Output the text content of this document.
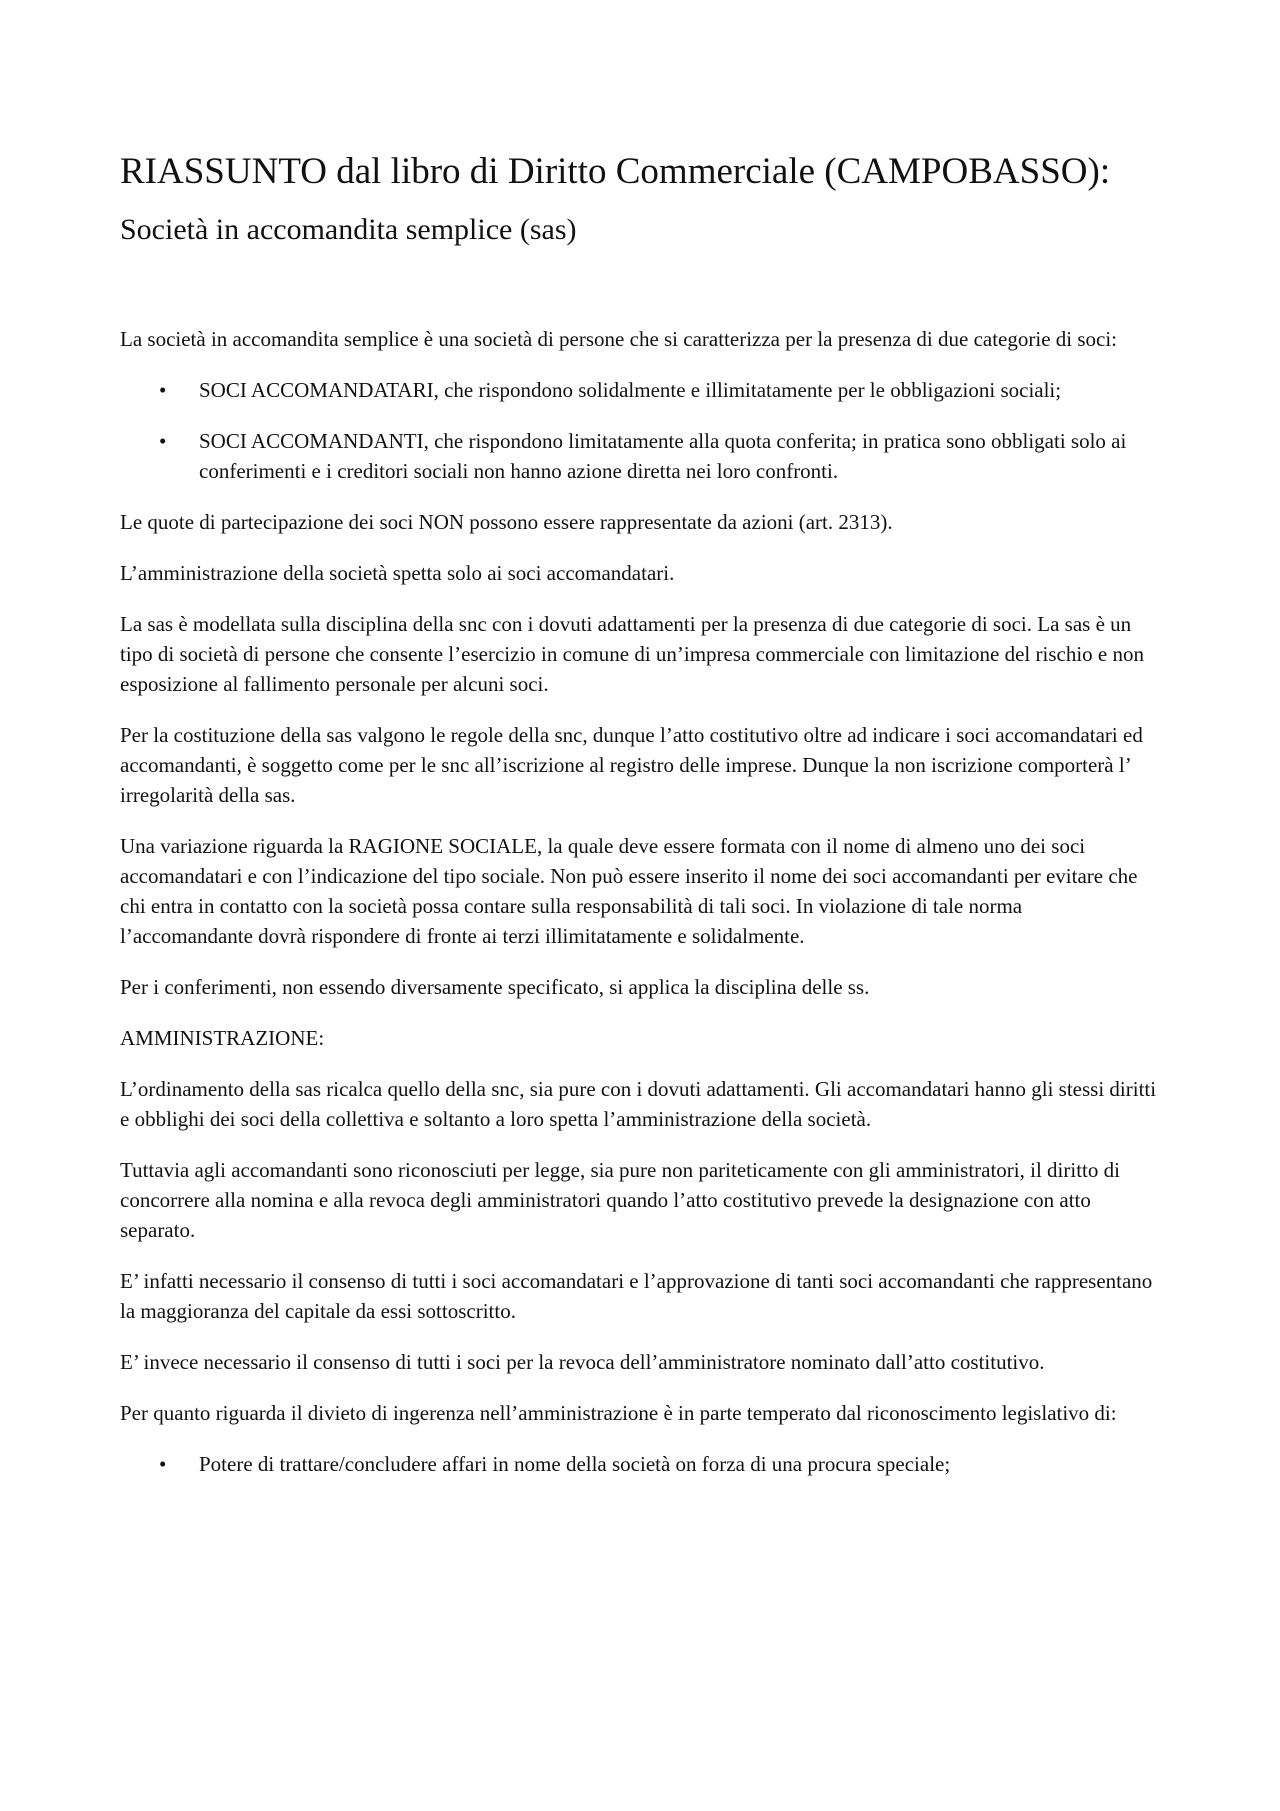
RIASSUNTO dal libro di Diritto Commerciale (CAMPOBASSO):
Società in accomandita semplice (sas)

La società in accomandita semplice è una società di persone che si caratterizza per la presenza di due categorie di soci:

• SOCI ACCOMANDATARI, che rispondono solidalmente e illimitatamente per le obbligazioni sociali;
• SOCI ACCOMANDANTI, che rispondono limitatamente alla quota conferita; in pratica sono obbligati solo ai conferimenti e i creditori sociali non hanno azione diretta nei loro confronti.

Le quote di partecipazione dei soci NON possono essere rappresentate da azioni (art. 2313).

L’amministrazione della società spetta solo ai soci accomandatari.

La sas è modellata sulla disciplina della snc con i dovuti adattamenti per la presenza di due categorie di soci. La sas è un tipo di società di persone che consente l’esercizio in comune di un’impresa commerciale con limitazione del rischio e non esposizione al fallimento personale per alcuni soci.

Per la costituzione della sas valgono le regole della snc, dunque l’atto costitutivo oltre ad indicare i soci accomandatari ed accomandanti, è soggetto come per le snc all’iscrizione al registro delle imprese. Dunque la non iscrizione comporterà l’ irregolarità della sas.

Una variazione riguarda la RAGIONE SOCIALE, la quale deve essere formata con il nome di almeno uno dei soci accomandatari e con l’indicazione del tipo sociale. Non può essere inserito il nome dei soci accomandanti per evitare che chi entra in contatto con la società possa contare sulla responsabilità di tali soci. In violazione di tale norma l’accomandante dovrà rispondere di fronte ai terzi illimitatamente e solidalmente.

Per i conferimenti, non essendo diversamente specificato, si applica la disciplina delle ss.

AMMINISTRAZIONE:

L’ordinamento della sas ricalca quello della snc, sia pure con i dovuti adattamenti. Gli accomandatari hanno gli stessi diritti e obblighi dei soci della collettiva e soltanto a loro spetta l’amministrazione della società.

Tuttavia agli accomandanti sono riconosciuti per legge, sia pure non pariteticamente con gli amministratori, il diritto di concorrere alla nomina e alla revoca degli amministratori quando l’atto costitutivo prevede la designazione con atto separato.

E’ infatti necessario il consenso di tutti i soci accomandatari e l’approvazione di tanti soci accomandanti che rappresentano la maggioranza del capitale da essi sottoscritto.

E’ invece necessario il consenso di tutti i soci per la revoca dell’amministratore nominato dall’atto costitutivo.

Per quanto riguarda il divieto di ingerenza nell’amministrazione è in parte temperato dal riconoscimento legislativo di:

• Potere di trattare/concludere affari in nome della società on forza di una procura speciale;
